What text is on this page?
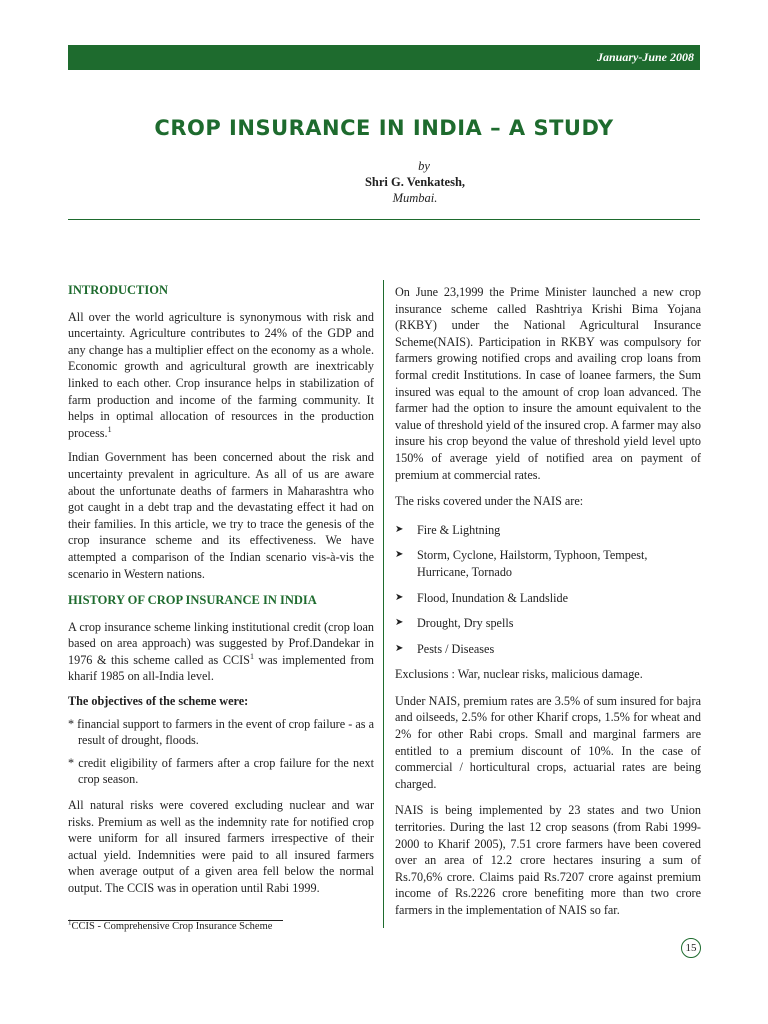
January-June 2008
CROP INSURANCE IN INDIA – A STUDY
by
Shri G. Venkatesh,
Mumbai.
INTRODUCTION

All over the world agriculture is synonymous with risk and uncertainty. Agriculture contributes to 24% of the GDP and any change has a multiplier effect on the economy as a whole. Economic growth and agricultural growth are inextricably linked to each other. Crop insurance helps in stabilization of farm production and income of the farming community. It helps in optimal allocation of resources in the production process.$^1$

Indian Government has been concerned about the risk and uncertainty prevalent in agriculture. As all of us are aware about the unfortunate deaths of farmers in Maharashtra who got caught in a debt trap and the devastating effect it had on their families. In this article, we try to trace the genesis of the crop insurance scheme and its effectiveness. We have attempted a comparison of the Indian scenario vis-à-vis the scenario in Western nations.

HISTORY OF CROP INSURANCE IN INDIA

A crop insurance scheme linking institutional credit (crop loan based on area approach) was suggested by Prof.Dandekar in 1976 & this scheme called as CCIS$^1$ was implemented from kharif 1985 on all-India level.

The objectives of the scheme were:
* financial support to farmers in the event of crop failure - as a result of drought, floods.
* credit eligibility of farmers after a crop failure for the next crop season.

All natural risks were covered excluding nuclear and war risks. Premium as well as the indemnity rate for notified crop were uniform for all insured farmers irrespective of their actual yield. Indemnities were paid to all insured farmers when average output of a given area fell below the normal output. The CCIS was in operation until Rabi 1999.

On June 23,1999 the Prime Minister launched a new crop insurance scheme called Rashtriya Krishi Bima Yojana (RKBY) under the National Agricultural Insurance Scheme(NAIS). Participation in RKBY was compulsory for farmers growing notified crops and availing crop loans from formal credit Institutions. In case of loanee farmers, the Sum insured was equal to the amount of crop loan advanced. The farmer had the option to insure the amount equivalent to the value of threshold yield of the insured crop. A farmer may also insure his crop beyond the value of threshold yield level upto 150% of average yield of notified area on payment of premium at commercial rates.

The risks covered under the NAIS are:

➤ Fire & Lightning
➤ Storm, Cyclone, Hailstorm, Typhoon, Tempest, Hurricane, Tornado
➤ Flood, Inundation & Landslide
➤ Drought, Dry spells
➤ Pests / Diseases

Exclusions : War, nuclear risks, malicious damage.

Under NAIS, premium rates are 3.5% of sum insured for bajra and oilseeds, 2.5% for other Kharif crops, 1.5% for wheat and 2% for other Rabi crops. Small and marginal farmers are entitled to a premium discount of 10%. In the case of commercial / horticultural crops, actuarial rates are being charged.

NAIS is being implemented by 23 states and two Union territories. During the last 12 crop seasons (from Rabi 1999-2000 to Kharif 2005), 7.51 crore farmers have been covered over an area of 12.2 crore hectares insuring a sum of Rs.70,6% crore. Claims paid Rs.7207 crore against premium income of Rs.2226 crore benefiting more than two crore farmers in the implementation of NAIS so far.

$^1$CCIS - Comprehensive Crop Insurance Scheme
15
